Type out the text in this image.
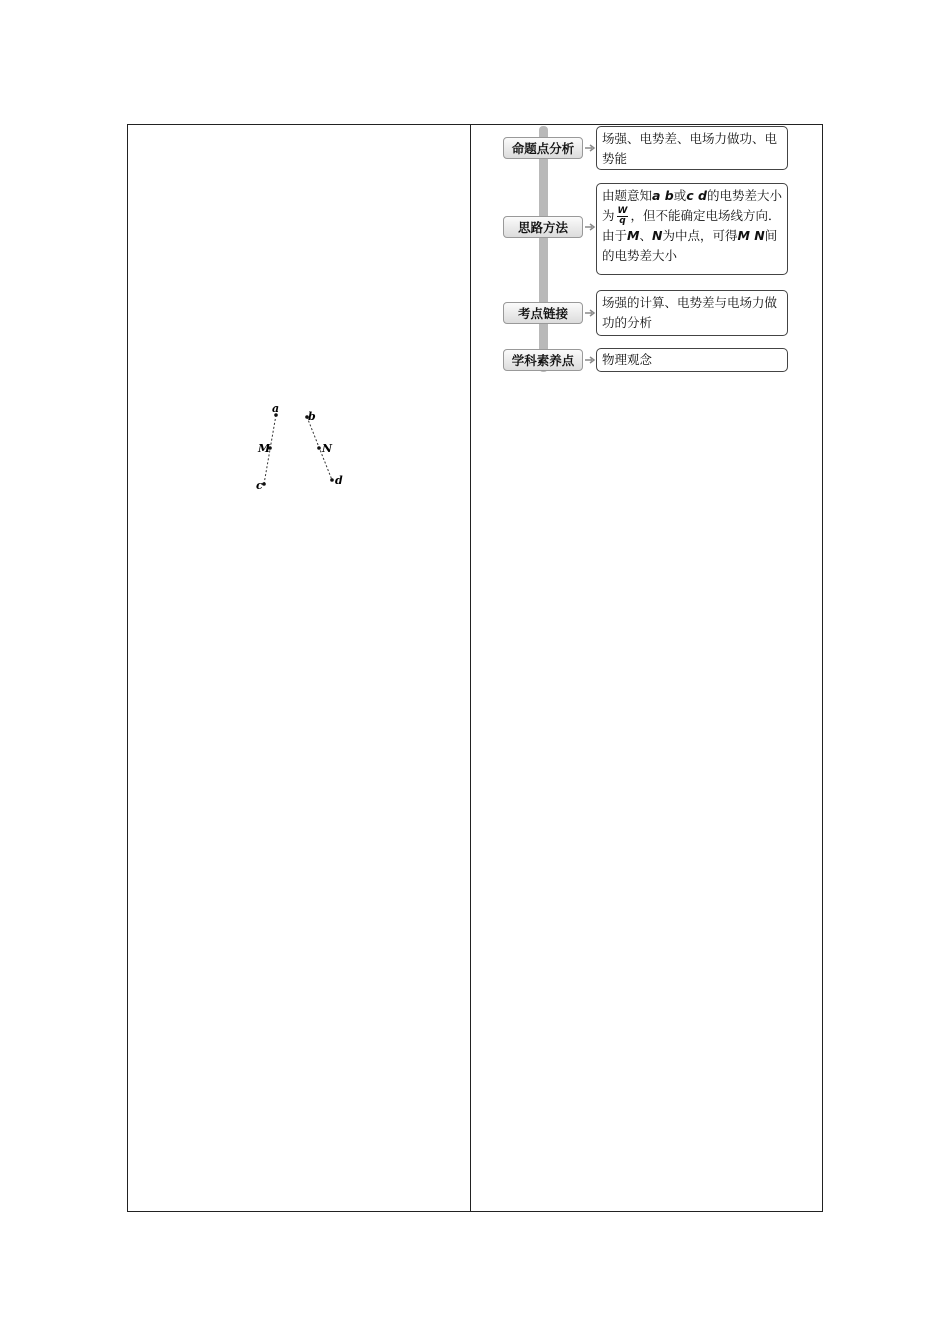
a
b
M	N
c	d
命题点分析
场强、电势差、电场力做功、电势能
思路方法
由题意知a b或c d的电势差大小为 $\frac{W}{q}$ ，但不能确定电场线方向．由于M、N为中点，可得M N间的电势差大小
考点链接
场强的计算、电势差与电场力做功的分析
学科素养点	物理观念
